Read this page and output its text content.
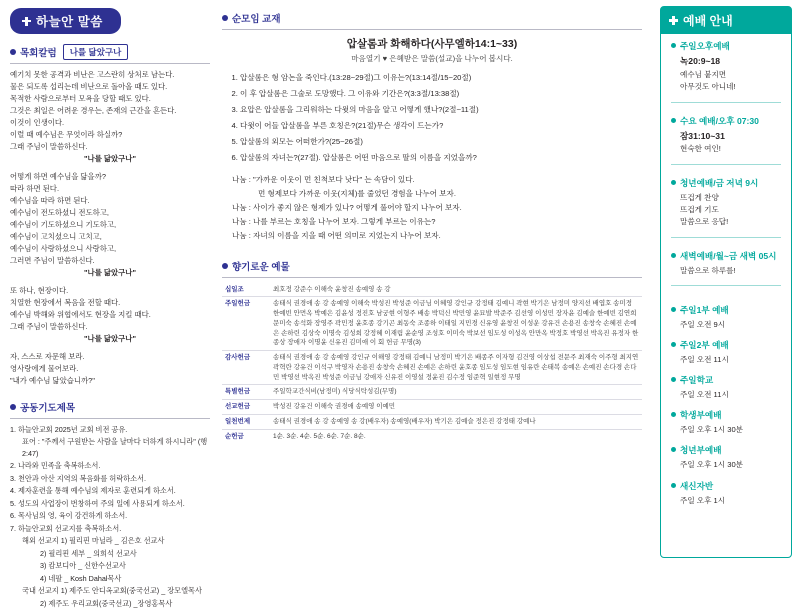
하늘안 말씀
목회칼럼	나를 닮았구나
예기치 못한 공격과 비난은 고스란히 상처로 남는다.
물은 되도록 섭리는데 비난으로 돌아올 때도 있다.
목적한 사람으로부터 모욕을 당할 때도 있다.
그것은 최일은 어려운 경우는, 존재의 근간을 흔든다.
이것이 인생이다.
이럴 때 예수님은 무엇이라 하실까?
그래 주님이 말씀하신다.
"나를 닮았구나"
어떻게 하면 예수님을 닮을까?
따라 하면 된다.
예수님을 따라 하면 된다.
예수님이 전도하셨니 전도하고,
예수님이 기도하셨으니 기도하고,
예수님이 고치셨으니 고치고,
예수님이 사랑하셨으니 사랑하고,
그러면 주님이 말씀하신다.
"나를 닮았구나"
또 하나, 현장이다.
치열한 현장에서 복음을 전할 때다.
예수님 박해와 위협에서도 현장을 지킬 때다.
그래 주님이 말씀하신다.
"나를 닮았구나"
자, 스스로 자문해 보라.
영사랑에게 물어보라.
"내가 예수님 닮았습니까?"
공동기도제목
1. 하늘안교회 2025년 교회 비전 공유.
표어 : "주께서 구원받는 사람을 날마다 더하게 하시니라" (행2:47)
2. 나라와 민족을 축복하소서.
3. 천안과 아산 지역의 복음화를 허락하소서.
4. 제자훈련을 통해 예수님의 제자로 훈련되게 하소서.
5. 성도의 사업장이 번창하여 주의 일에 사용되게 하소서.
6. 목사님의 영, 육이 강건하게 하소서.
7. 하늘안교회 선교지를 축복하소서.
해외 선교지 1) 필리핀 마닐라 _ 김은호 선교사
2) 필리핀 세부 _ 의희석 선교사
3) 캄보디아 _ 신한수선교사
4) 네팔 _ Kosh Dahal목사
국내 선교지 1) 제주도 안디옥교회(중국선교) _ 장모엘목사
2) 제주도 우리교회(중국선교) _장영홍목사
순모임 교재
압살롬과 화해하다(사무엘하14:1~33)
마음열기 ♥ 은혜받은 말씀(설교)을 나누어 봅시다.
1. 압살롬은 형 암논을 죽인다.(13:28~29절)그 이유는?(13:14절/15~20절)
2. 이 후 압살롬은 그술로 도망했다. 그 이유와 기간은?(3:3절/13:38절)
3. 요압은 압살롬을 그리워하는 다윗의 마음을 알고 어떻게 했나?(2절~11절)
4. 다윗이 어들 압살롬을 부른 호칭은?(21절)무슨 생각이 드는가?
5. 압살롬의 외모는 어떠한가?(25~26절)
6. 압살롬의 자녀는?(27절). 압살롬은 어떤 마음으로 딸의 이름을 지었을까?
나눔 : "가까운 이웃이 먼 친척보다 낫다" 는 속담이 있다.
먼 형제보다 가까운 이웃(지체)를 줄었던 경험을 나누어 보자.
나눔 : 사이가 좋지 않은 형제가 있나? 어떻게 풀어야 할지 나누어 보자.
나눔 : 나를 부르는 호칭을 나누어 보자. 그렇게 부르는 이유는?
나눔 : 자녀의 이름을 지을 때 어떤 의미로 지었는지 나누어 보자.
향기로운 예물
십일조	최호정 강준수 이해숙 윤창진 송예영 송 강
주일헌금	송태식 권경애 송 강 송예영 이해숙 박성진 박성준 이금님 이혜영 강인규 강정태 김예니 곽현 박기은 남정미 양지선 배엽호 송미정 한예빈 안먼옥 박예은 김윤성 정진호 남궁현 이형주 배송 박덕신 박민영 윤묘발 박준주 김선영 이성민 장자윤 김예슬 한예빈 김연희 문미숙 송석화 장영주 곽민정 윤호종 강기곤 최동숙 조종하 이태일 지민경 신유영 윤창진 이성운 강유건 손용진 송창숙 손혜진 손예은 손하린 김상숙 이명숙 김성희 강정혜 이재림 윤순영 조성호 이미숙 박보선 임도성 이성옥 안만옥 박정호 박영선 박옥진 유정자 한종상 장애자 이명윤 신유진 김미애 이 회 헌금 무명(3)
감사헌금	송태식 권경애 송 강 송예영 강인규 이해영 강정태 김예니 남정미 박기은 배종주 이자형 김건영 이상섭 전문주 최재숙 이주형 최지연 곽혁란 강유건 이석구 박영자 손용진 송창숙 손혜진 손예은 손하린 윤호종 임도성 임도현 임유란 손태복 송예은 손예진 손다경 손다민 박영선 박옥진 박성준 이금님 강애자 신유진 이영설 정윤진 김수정 임준혁 일현정 무명
특별헌금	주일학교간식비(남정미) 식당식탁성김(무명)
선교헌금	박성진 강유건 이해숙 권경애 송예영 이예민
일천번제	송태식 권경애 송 강 송예영 송 강(배우자) 송예영(배우자) 박기은 김예슬 정은진 강정태 강예나
순헌금	1순. 3순. 4순. 5순. 6순. 7순. 8순.
예배 안내
주일오후예배
녹20:9~18
예수님 붙지면
아무것도 아니네!
수요 예배/오후 07:30
잠31:10~31
현숙한 여인!
청년예배/금 저녁 9시
뜨겁게 찬양
뜨겁게 기도
말씀으로 응답!
새벽예배/월~금 새벽 05시
말씀으로 하루를!
주일1부 예배
주일 오전 9시
주일2부 예배
주일 오전 11시
주일학교
주일 오전 11시
학생부예배
주일 오후 1시 30분
청년부예배
주일 오후 1시 30분
새신자반
주일 오후 1시
